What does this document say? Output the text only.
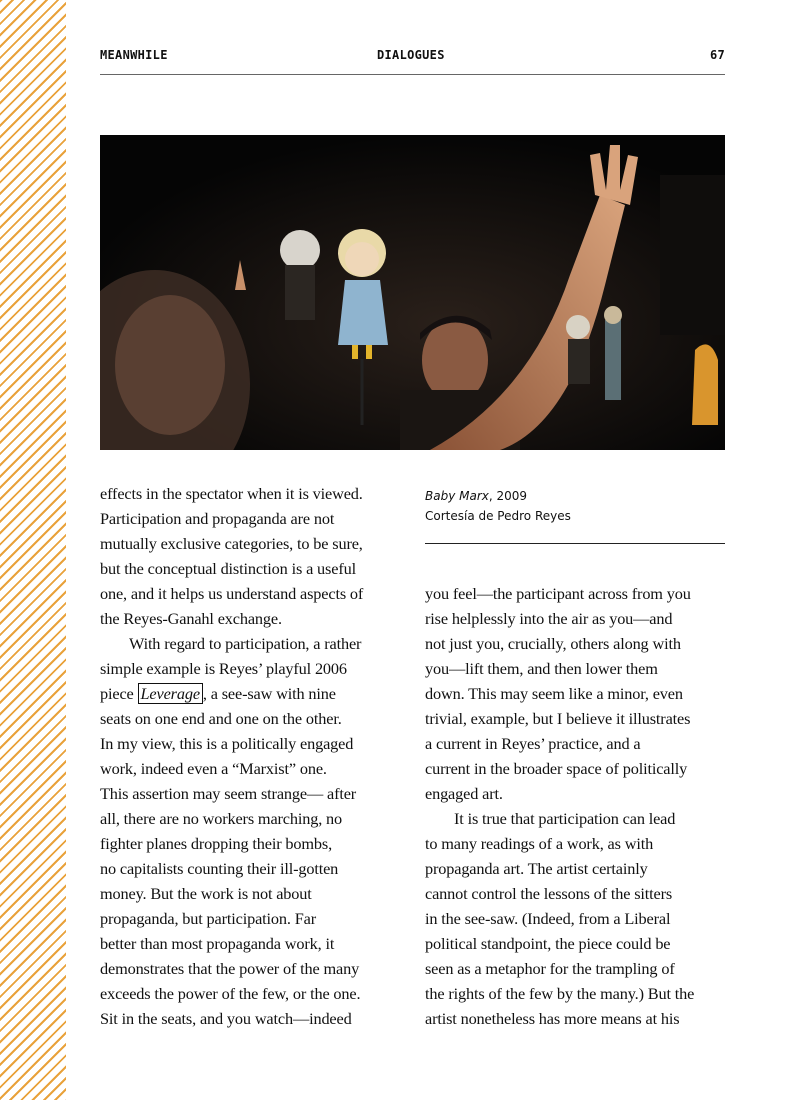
MEANWHILE	DIALOGUES	67

Baby Marx, 2009

Cortesía de Pedro Reyes

effects in the spectator when it is viewed.
Participation and propaganda are not
mutually exclusive categories, to be sure,
but the conceptual distinction is a useful
one, and it helps us understand aspects of
the Reyes-Ganahl exchange.
With regard to participation, a rather
simple example is Reyes’ playful 2006
piece Leverage , a see-saw with nine
seats on one end and one on the other.
In my view, this is a politically engaged
work, indeed even a “Marxist” one.
This assertion may seem strange— after
all, there are no workers marching, no
fighter planes dropping their bombs,
no capitalists counting their ill-gotten
money. But the work is not about
propaganda, but participation. Far
better than most propaganda work, it
demonstrates that the power of the many
exceeds the power of the few, or the one.
Sit in the seats, and you watch—indeed
you feel—the participant across from you
rise helplessly into the air as you—and
not just you, crucially, others along with
you—lift them, and then lower them
down. This may seem like a minor, even
trivial, example, but I believe it illustrates
a current in Reyes’ practice, and a
current in the broader space of politically
engaged art.
It is true that participation can lead
to many readings of a work, as with
propaganda art. The artist certainly
cannot control the lessons of the sitters
in the see-saw. (Indeed, from a Liberal
political standpoint, the piece could be
seen as a metaphor for the trampling of
the rights of the few by the many.) But the
artist nonetheless has more means at his
